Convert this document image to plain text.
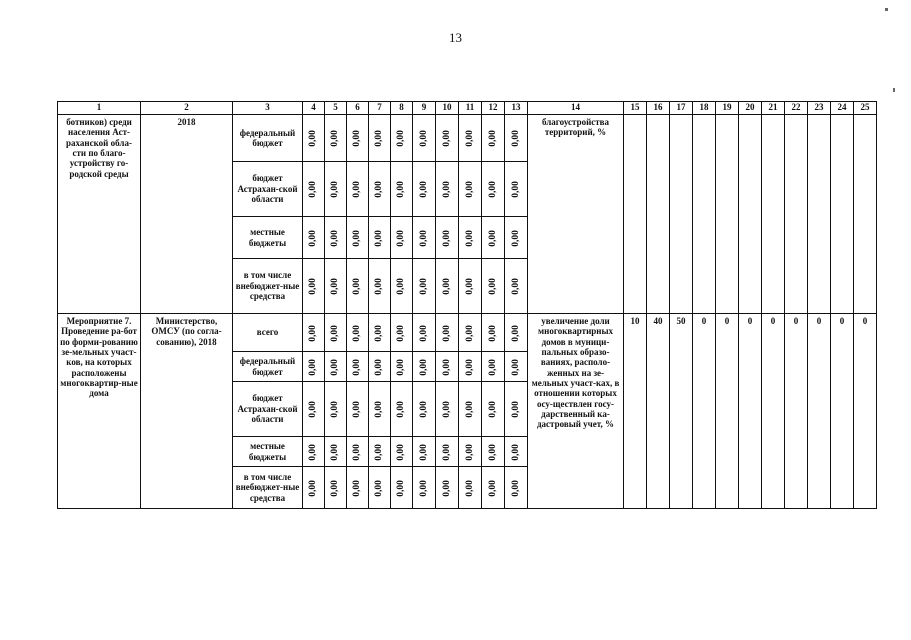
13
1	2	3	4	5	6	7	8	9	10	11	12	13	14	15	16	17	18	19	20	21	22	23	24	25
ботников) среди населения Аст-раханской обла-сти по благо-устройству го-родской среды	2018	федеральный бюджет	0,00	0,00	0,00	0,00	0,00	0,00	0,00	0,00	0,00	0,00	благоустройства территорий, %											
		бюджет Астрахан-ской области	0,00	0,00	0,00	0,00	0,00	0,00	0,00	0,00	0,00	0,00												
		местные бюджеты	0,00	0,00	0,00	0,00	0,00	0,00	0,00	0,00	0,00	0,00												
		в том числе внебюджет-ные средства	0,00	0,00	0,00	0,00	0,00	0,00	0,00	0,00	0,00	0,00												
Мероприятие 7. Проведение ра-бот по форми-рованию зе-мельных участ-ков, на которых расположены многоквартир-ные дома	Министерство, ОМСУ (по согла-сованию), 2018	всего	0,00	0,00	0,00	0,00	0,00	0,00	0,00	0,00	0,00	0,00	увеличение доли многоквартирных домов в муници-пальных образо-ваниях, располо-женных на зе-мельных участ-ках, в отношении которых осу-ществлен госу-дарственный ка-дастровый учет, %	10	40	50	0	0	0	0	0	0	0	0
		федеральный бюджет	0,00	0,00	0,00	0,00	0,00	0,00	0,00	0,00	0,00	0,00												
		бюджет Астрахан-ской области	0,00	0,00	0,00	0,00	0,00	0,00	0,00	0,00	0,00	0,00												
		местные бюджеты	0,00	0,00	0,00	0,00	0,00	0,00	0,00	0,00	0,00	0,00												
		в том числе внебюджет-ные средства	0,00	0,00	0,00	0,00	0,00	0,00	0,00	0,00	0,00	0,00												
